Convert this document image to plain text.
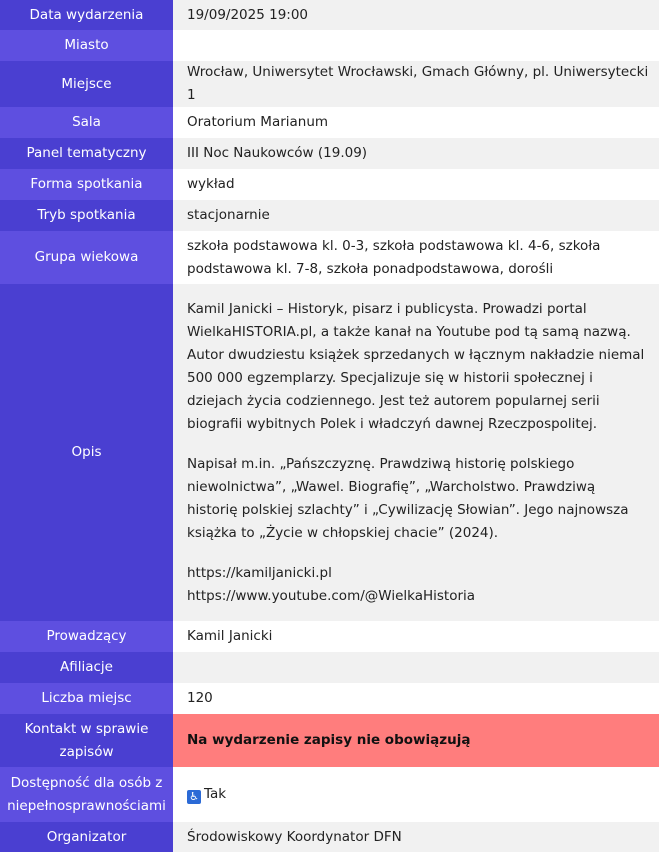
Data wydarzenia	19/09/2025 19:00
Miasto	
Miejsce	Wrocław, Uniwersytet Wrocławski, Gmach Główny, pl. Uniwersytecki 1
Sala	Oratorium Marianum
Panel tematyczny	III Noc Naukowców (19.09)
Forma spotkania	wykład
Tryb spotkania	stacjonarnie
Grupa wiekowa	szkoła podstawowa kl. 0-3, szkoła podstawowa kl. 4-6, szkoła podstawowa kl. 7-8, szkoła ponadpodstawowa, dorośli
Opis	Kamil Janicki – Historyk, pisarz i publicysta. Prowadzi portal WielkaHISTORIA.pl, a także kanał na Youtube pod tą samą nazwą. Autor dwudziestu książek sprzedanych w łącznym nakładzie niemal 500 000 egzemplarzy. Specjalizuje się w historii społecznej i dziejach życia codziennego. Jest też autorem popularnej serii biografii wybitnych Polek i władczyń dawnej Rzeczpospolitej.

Napisał m.in. „Pańszczyznę. Prawdziwą historię polskiego niewolnictwa”, „Wawel. Biografię”, „Warcholstwo. Prawdziwą historię polskiej szlachty” i „Cywilizację Słowian”. Jego najnowsza książka to „Życie w chłopskiej chacie” (2024).

https://kamiljanicki.pl

https://www.youtube.com/@WielkaHistoria

Prowadzący	Kamil Janicki
Afiliacje	
Liczba miejsc	120
Kontakt w sprawie zapisów	Na wydarzenie zapisy nie obowiązują
Dostępność dla osób z niepełnosprawnościami	♿ Tak
Organizator	Środowiskowy Koordynator DFN
